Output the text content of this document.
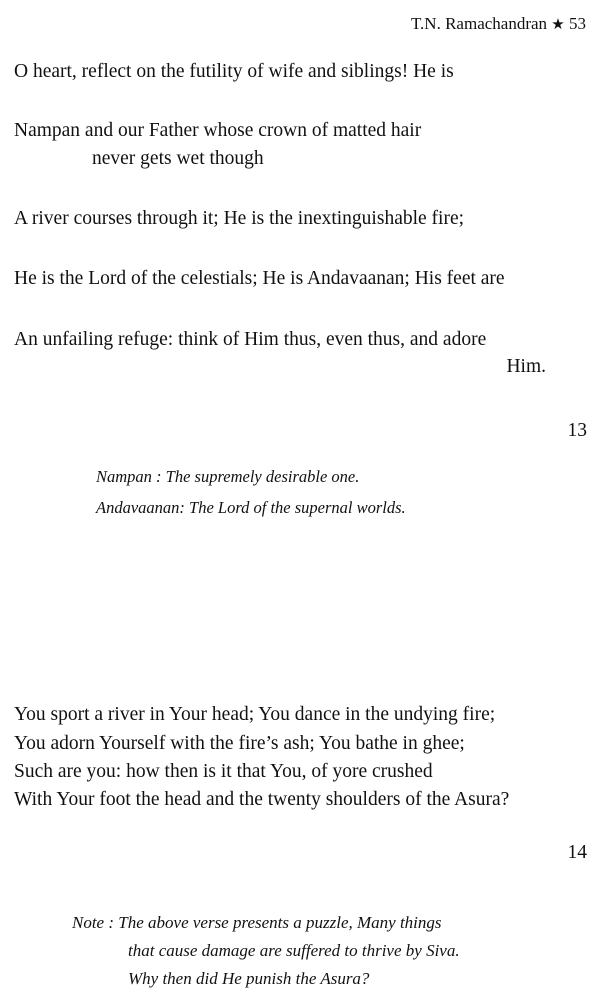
T.N. Ramachandran ★ 53
O heart, reflect on the futility of wife and siblings! He is
Nampan and our Father whose crown of matted hair
never gets wet though
A river courses through it; He is the inextinguishable fire;
He is the Lord of the celestials; He is Andavaanan; His feet are
An unfailing refuge: think of Him thus, even thus, and adore
Him.
13
Nampan : The supremely desirable one.
Andavaanan: The Lord of the supernal worlds.
You sport a river in Your head; You dance in the undying fire;
You adorn Yourself with the fire’s ash; You bathe in ghee;
Such are you: how then is it that You, of yore crushed
With Your foot the head and the twenty shoulders of the Asura?
14
Note : The above verse presents a puzzle, Many things
that cause damage are suffered to thrive by Siva.
Why then did He punish the Asura?
